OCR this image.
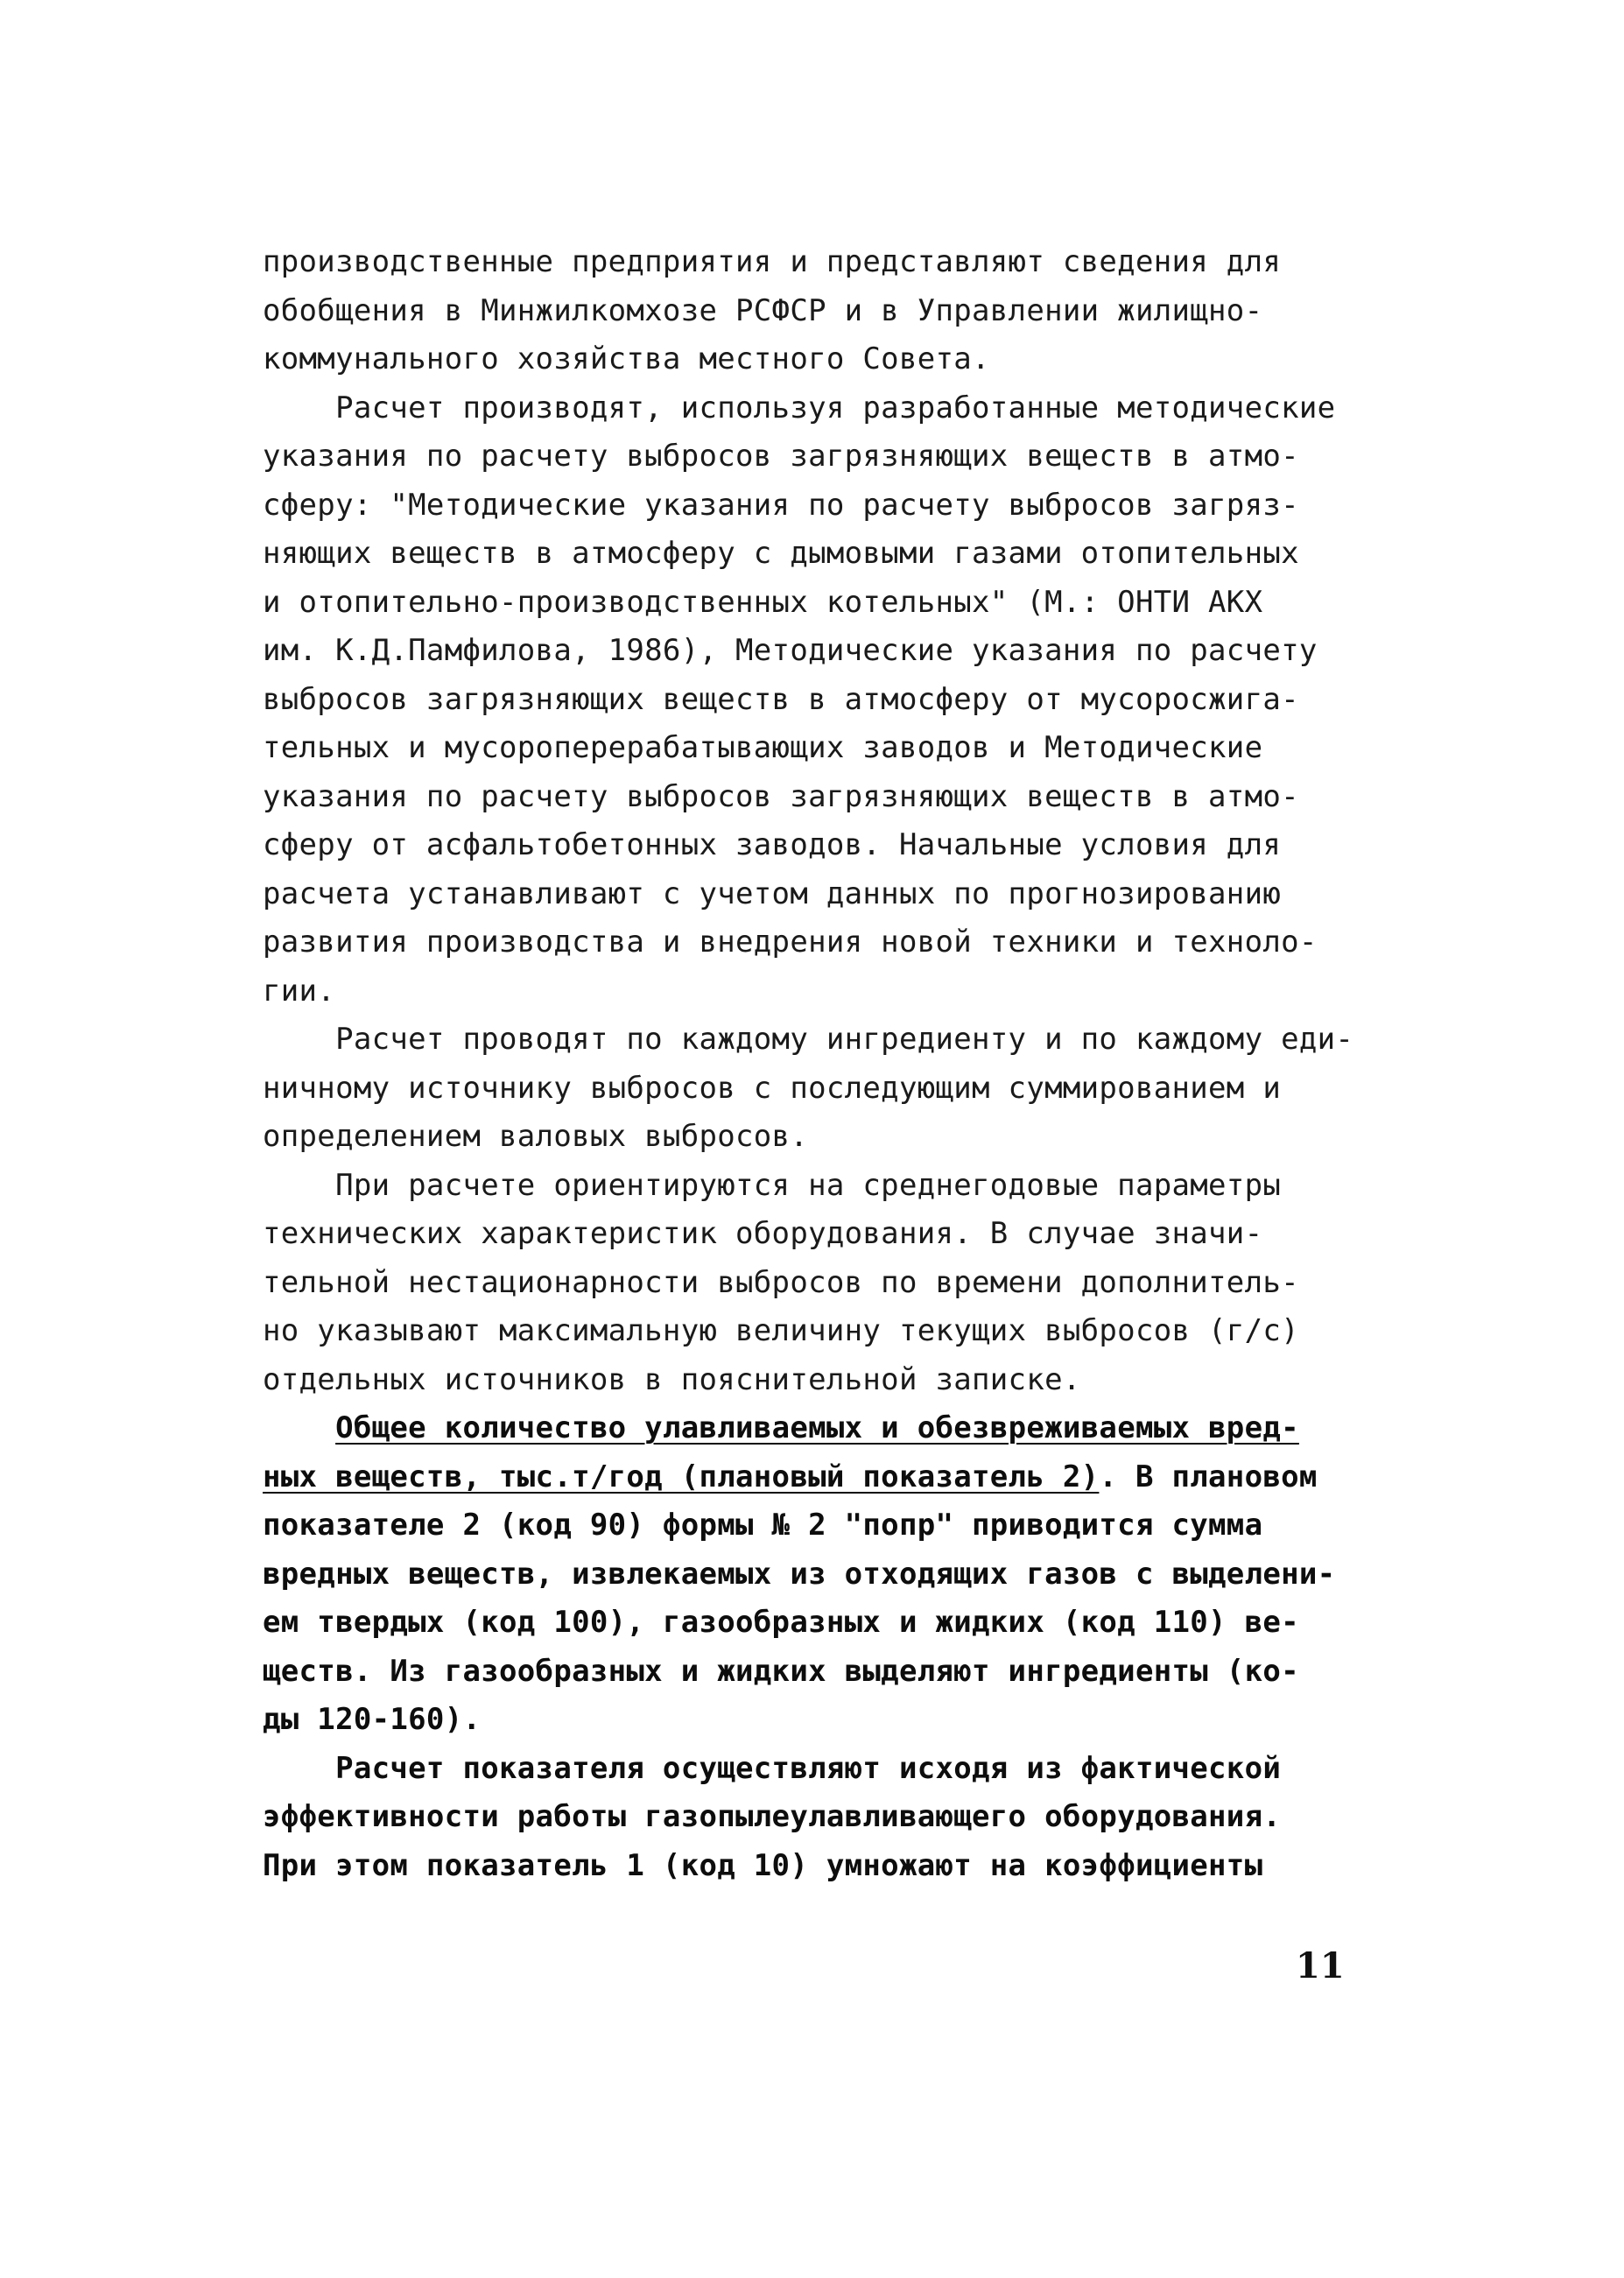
производственные предприятия и представляют сведения для
обобщения в Минжилкомхозе РСФСР и в Управлении жилищно-
коммунального хозяйства местного Совета.
Расчет производят, используя разработанные методические
указания по расчету выбросов загрязняющих веществ в атмо-
сферу: "Методические указания по расчету выбросов загряз-
няющих веществ в атмосферу с дымовыми газами отопительных
и отопительно-производственных котельных" (М.: ОНТИ АКХ
им. К.Д.Памфилова, 1986), Методические указания по расчету
выбросов загрязняющих веществ в атмосферу от мусоросжига-
тельных и мусороперерабатывающих заводов и Методические
указания по расчету выбросов загрязняющих веществ в атмо-
сферу от асфальтобетонных заводов. Начальные условия для
расчета устанавливают с учетом данных по прогнозированию
развития производства и внедрения новой техники и техноло-
гии.
Расчет проводят по каждому ингредиенту и по каждому еди-
ничному источнику выбросов с последующим суммированием и
определением валовых выбросов.
При расчете ориентируются на среднегодовые параметры
технических характеристик оборудования. В случае значи-
тельной нестационарности выбросов по времени дополнитель-
но указывают максимальную величину текущих выбросов (г/с)
отдельных источников в пояснительной записке.
Общее количество улавливаемых и обезвреживаемых вред-
ных веществ, тыс.т/год (плановый показатель 2). В плановом
показателе 2 (код 90) формы № 2 "попр" приводится сумма
вредных веществ, извлекаемых из отходящих газов с выделени-
ем твердых (код 100), газообразных и жидких (код 110) ве-
ществ. Из газообразных и жидких выделяют ингредиенты (ко-
ды 120-160).
Расчет показателя осуществляют исходя из фактической
эффективности работы газопылеулавливающего оборудования.
При этом показатель 1 (код 10) умножают на коэффициенты
11
